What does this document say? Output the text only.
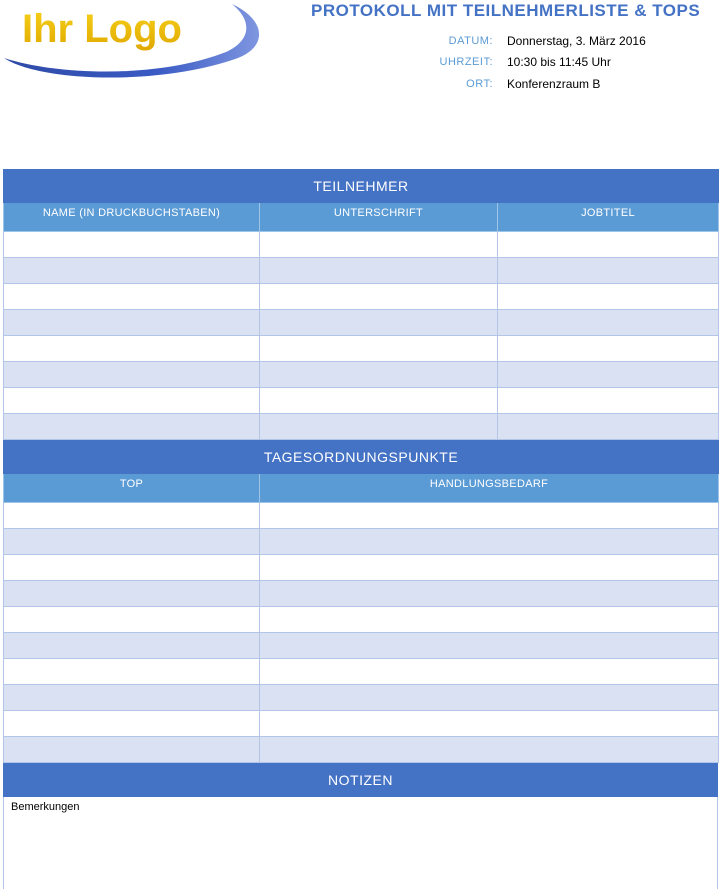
Ihr Logo	PROTOKOLL MIT TEILNEHMERLISTE & TOPS
DATUM: Donnerstag, 3. März 2016
UHRZEIT: 10:30 bis 11:45 Uhr
ORT: Konferenzraum B
TEILNEHMER		
NAME (IN DRUCKBUCHSTABEN)	UNTERSCHRIFT	JOBTITEL

TAGESORDNUNGSPUNKTE	
TOP	HANDLUNGSBEDARF

NOTIZEN
Bemerkungen
